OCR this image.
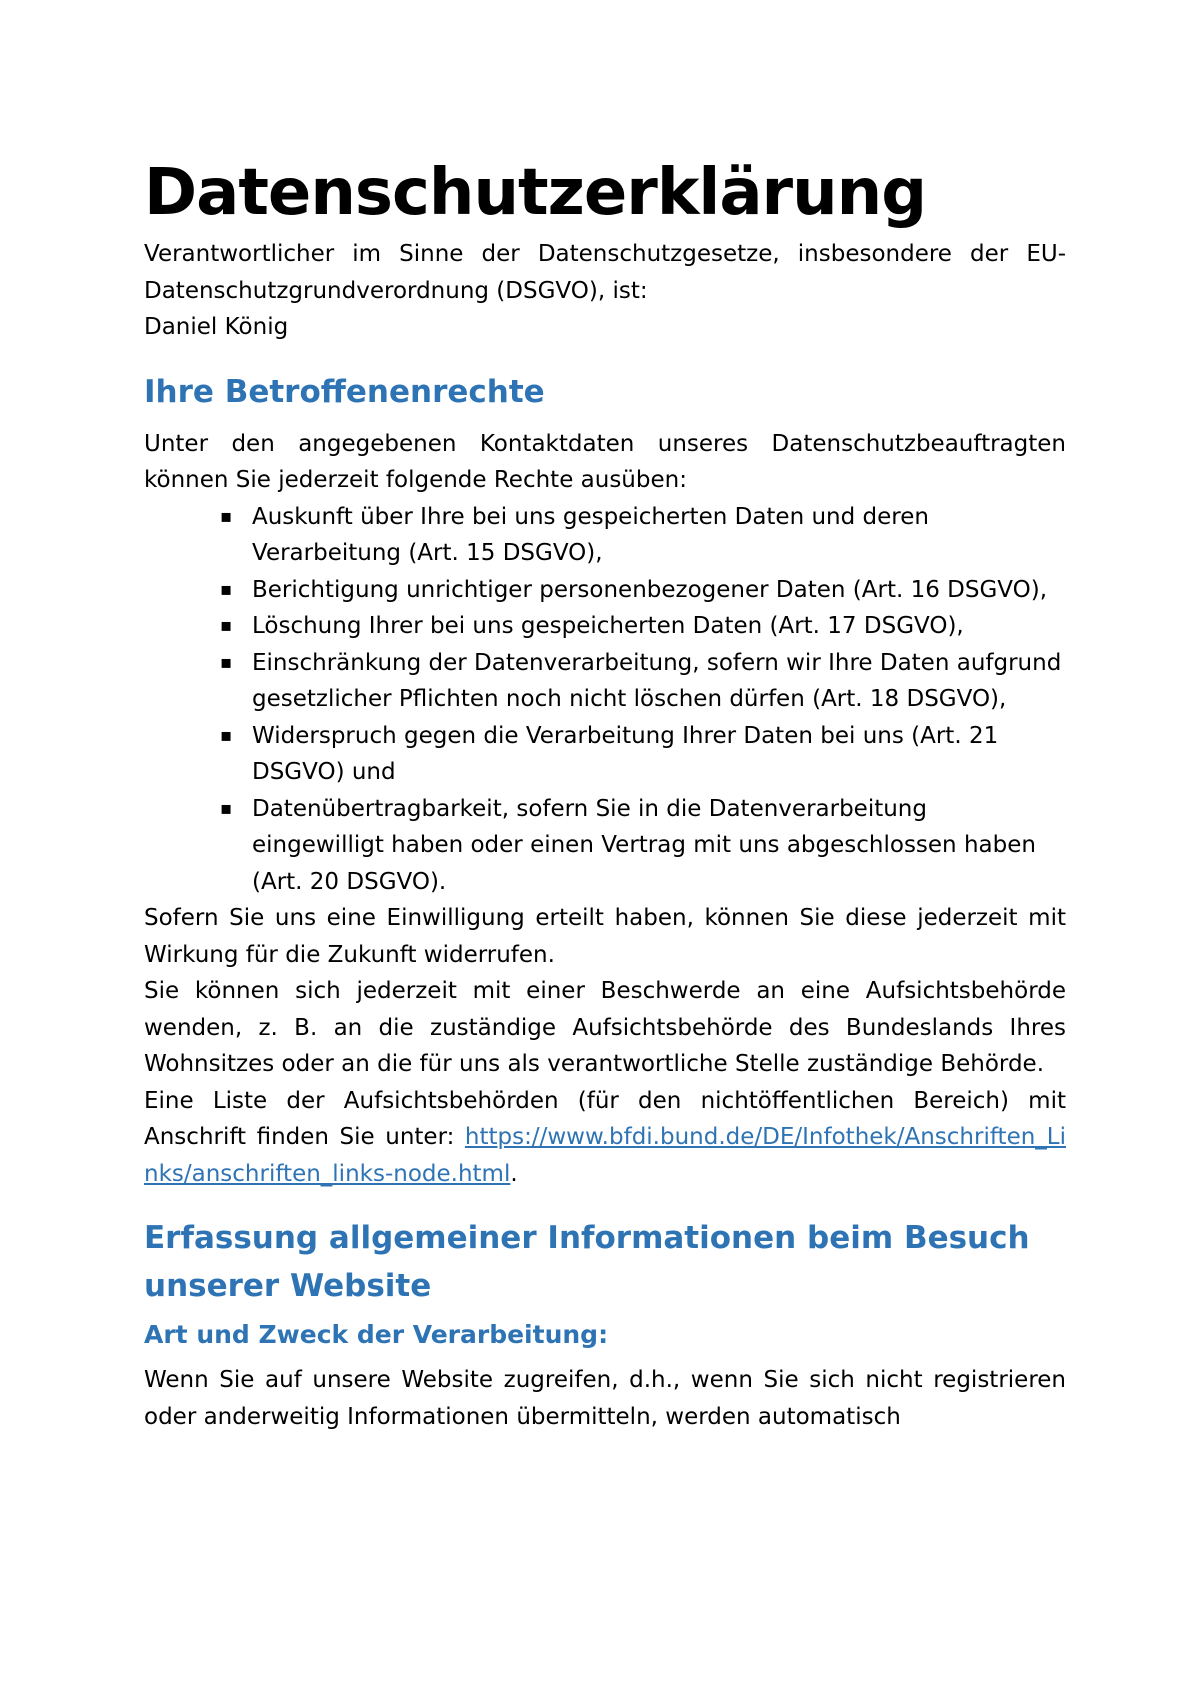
Datenschutzerklärung

Verantwortlicher im Sinne der Datenschutzgesetze, insbesondere der EU-Datenschutzgrundverordnung (DSGVO), ist:

Daniel König

Ihre Betroffenenrechte

Unter den angegebenen Kontaktdaten unseres Datenschutzbeauftragten können Sie jederzeit folgende Rechte ausüben:

▪ Auskunft über Ihre bei uns gespeicherten Daten und deren Verarbeitung (Art. 15 DSGVO),
▪ Berichtigung unrichtiger personenbezogener Daten (Art. 16 DSGVO),
▪ Löschung Ihrer bei uns gespeicherten Daten (Art. 17 DSGVO),
▪ Einschränkung der Datenverarbeitung, sofern wir Ihre Daten aufgrund gesetzlicher Pflichten noch nicht löschen dürfen (Art. 18 DSGVO),
▪ Widerspruch gegen die Verarbeitung Ihrer Daten bei uns (Art. 21 DSGVO) und
▪ Datenübertragbarkeit, sofern Sie in die Datenverarbeitung eingewilligt haben oder einen Vertrag mit uns abgeschlossen haben (Art. 20 DSGVO).

Sofern Sie uns eine Einwilligung erteilt haben, können Sie diese jederzeit mit Wirkung für die Zukunft widerrufen.

Sie können sich jederzeit mit einer Beschwerde an eine Aufsichtsbehörde wenden, z. B. an die zuständige Aufsichtsbehörde des Bundeslands Ihres Wohnsitzes oder an die für uns als verantwortliche Stelle zuständige Behörde.

Eine Liste der Aufsichtsbehörden (für den nichtöffentlichen Bereich) mit Anschrift finden Sie unter: https://www.bfdi.bund.de/DE/Infothek/Anschriften_Links/anschriften_links-node.html.

Erfassung allgemeiner Informationen beim Besuch unserer Website
Art und Zweck der Verarbeitung:

Wenn Sie auf unsere Website zugreifen, d.h., wenn Sie sich nicht registrieren oder anderweitig Informationen übermitteln, werden automatisch
